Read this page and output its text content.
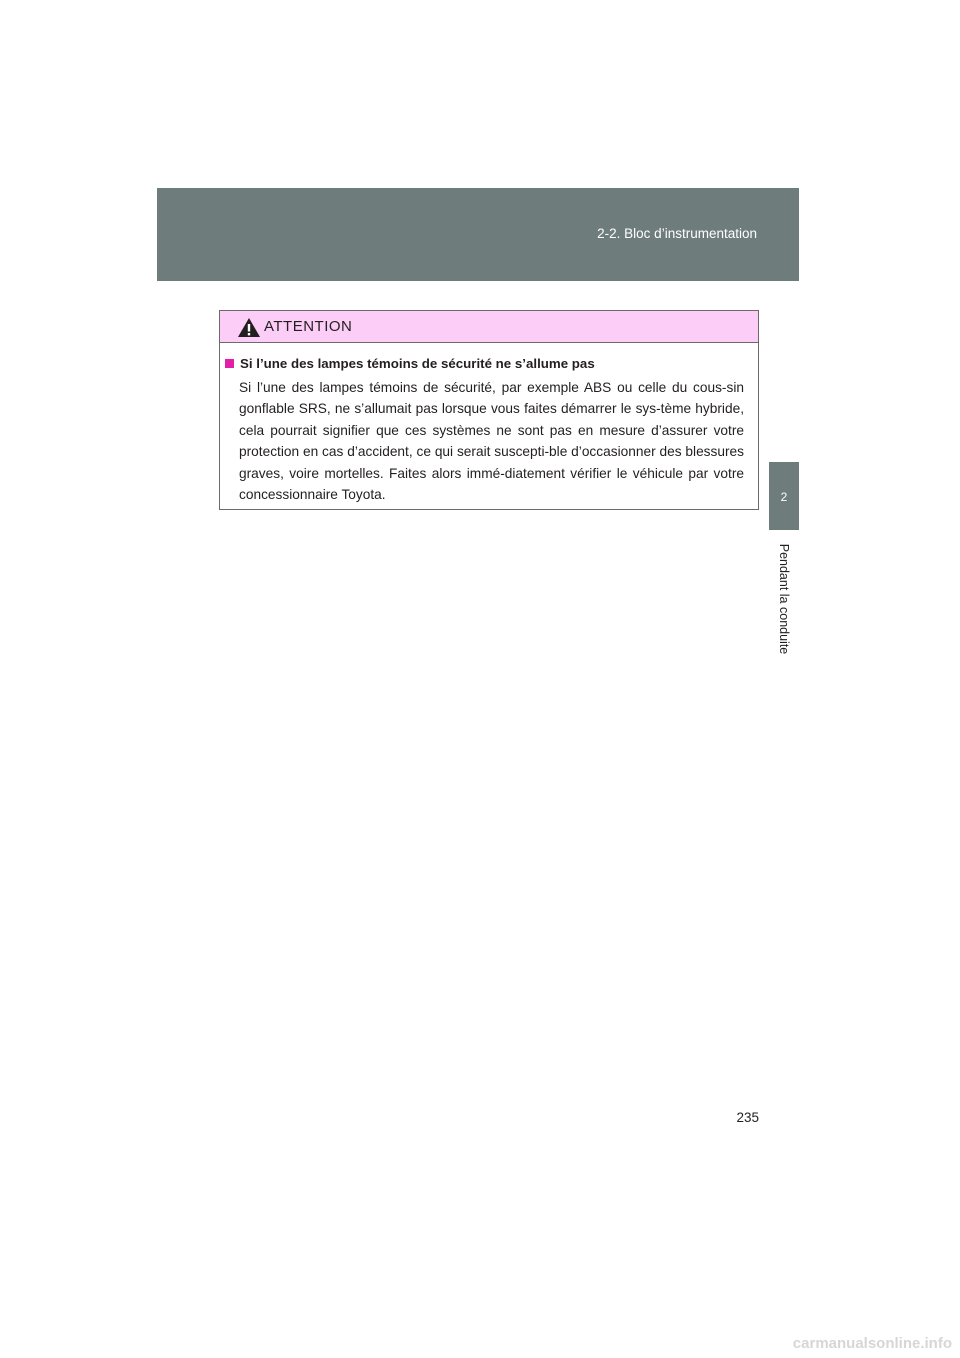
2-2. Bloc d’instrumentation
2
Pendant la conduite
ATTENTION
Si l’une des lampes témoins de sécurité ne s’allume pas

Si l’une des lampes témoins de sécurité, par exemple ABS ou celle du cous-sin gonflable SRS, ne s’allumait pas lorsque vous faites démarrer le sys-tème hybride, cela pourrait signifier que ces systèmes ne sont pas en mesure d’assurer votre protection en cas d’accident, ce qui serait suscepti-ble d’occasionner des blessures graves, voire mortelles. Faites alors immé-diatement vérifier le véhicule par votre concessionnaire Toyota.

235
carmanualsonline.info
